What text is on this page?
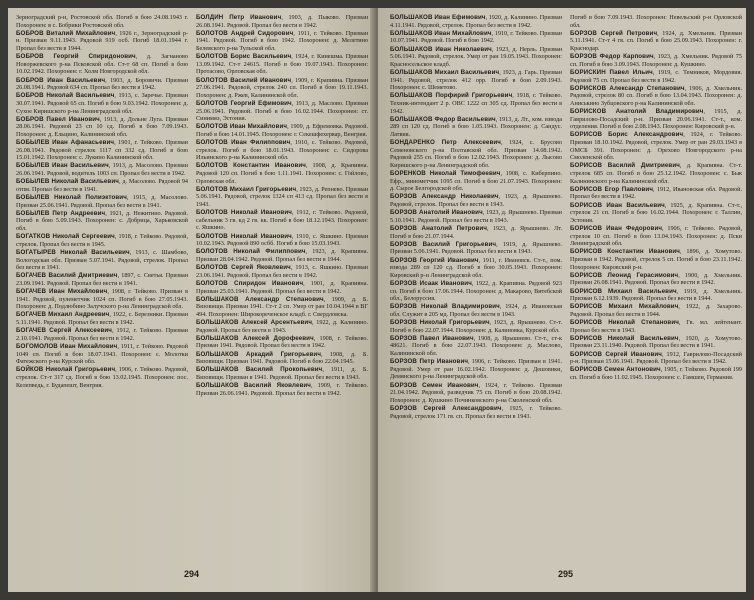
Зерноградский р-н, Ростовской обл. Погиб в бою 24.08.1943 г. Похоронен: в с. Бобрики Ростовской обл.

БОБРОВ Виталий Михайлович, 1926 г., Зерноградский р-н. Призван 9.11.1943. Рядовой 919 осб. Погиб 18.01.1944 г. Пропал без вести в 1944.

БОБРОВ Георгий Спиридонович, д. Загнаново Новоржевского р-на Псковской обл. Ст-т 68 сп. Погиб в бою 10.02.1942. Похоронен: г. Холм Новгородской обл.

БОБРОВ Иван Васильевич, 1903, д. Боровичи. Призван 26.08.1941. Рядовой 634 сп. Пропал без вести в 1942.

БОБРОВ Николай Васильевич, 1913, с. Заречье. Призван 30.07.1941. Рядовой 65 сп. Погиб в бою 9.03.1942. Похоронен: д. Сухое Киришского р-на Ленинградской обл.

БОБРОВ Павел Иванович, 1913, д. Дольне Луга. Призван 28.06.1941. Рядовой 23 сп 10 сд. Погиб в бою 7.09.1943. Похоронен: д. Ельцино, Калининской обл.

БОБЫЛЕВ Иван Афанасьевич, 1901, г. Тейково. Призван 26.08.1941. Рядовой стрелок 1117 сп 332 сд. Погиб в бою 15.01.1942. Похоронен: с. Лукино Калининской обл.

БОБЫЛЕВ Иван Васильевич, 1913, д. Масолово. Призван 26.06.1941. Рядовой, водитель 1003 сп. Пропал без вести в 1942.

БОБЫЛЕВ Николай Васильевич, д. Масолово. Рядовой 94 отпм. Пропал без вести в 1941.

БОБЫЛЕВ Николай Полиэктович, 1915, д. Масолово. Призван 25.06.1941. Рядовой. Пропал без вести в 1941.

БОБЫЛЕВ Петр Андреевич, 1921, д. Нежитино. Рядовой. Погиб в бою 5.09.1943. Похоронен: с. Добрица, Харьковской обл.

БОГАТКОВ Николай Сергеевич, 1918, г. Тейково. Рядовой, стрелок. Пропал без вести в 1945.

БОГАТЫРЕВ Николай Васильевич, 1913, с. Шамбово, Вологодская обл. Призван 5.07.1941. Рядовой, стрелок. Пропал без вести в 1941.

БОГАЧЕВ Василий Дмитриевич, 1897, с. Светья. Призван 23.09.1941. Рядовой. Пропал без вести в 1941.

БОГАЧЕВ Иван Михайлович, 1908, г. Тейково. Призван в 1941. Рядовой, пулеметчик 1024 сп. Погиб в бою 27.05.1943. Похоронен: д. Подлюбино Залучского р-на Ленинградской обл.

БОГАЧЕВ Михаил Андреевич, 1922, с. Березники. Призван 5.11.1941. Рядовой. Пропал без вести в 1942.

БОГАЧЕВ Сергей Алексеевич, 1912, г. Тейково. Призван 2.10.1941. Рядовой. Пропал без вести в 1942.

БОГОМОЛОВ Иван Михайлович, 1911, г. Тейково. Рядовой 1049 сп. Погиб в бою 18.07.1943. Похоронен: с. Молотки Фатежского р-на Курской обл.

БОЙКОВ Николай Григорьевич, 1906, г. Тейково. Рядовой, стрелок. Ст-т 317 сд. Погиб в бою 13.02.1945. Похоронен: пос. Келепведь, г. Будапешт, Венгрия.

БОЛДИН Петр Иванович, 1903, д. Пыково. Призван 26.08.1941. Рядовой. Пропал без вести в 1942.

БОЛОТОВ Андрей Сидорович, 1911, г. Тейково. Призван 1941. Рядовой. Погиб в бою 1942. Похоронен: д. Мелетино Белевского р-на Тульской обл.

БОЛОТОВ Борис Васильевич, 1924, г. Кинешма. Призван 13.09.1942. Ст-т 24615. Погиб в бою 19.07.1943. Похоронен: Протасово, Орловская обл.

БОЛОТОВ Василий Иванович, 1909, г. Крапивна. Призван 27.06.1941. Рядовой, стрелок 240 сп. Погиб в бою 19.11.1943. Похоронен: д. Ржев, Калининской обл.

БОЛОТОВ Георгий Ефимович, 1913, д. Маслово. Призван 25.06.1941. Рядовой. Погиб в бою 16.02.1944. Похоронен: ст. Синимяэ, Эстония.

БОЛОТОВ Иван Михайлович, 1909, д. Ефремовка. Рядовой. Погиб в бою 14.01.1945. Похоронен: г. Секешфехервар, Венгрия.

БОЛОТОВ Иван Филиппович, 1910, с. Тейково. Рядовой, стрелок. Погиб в бою 18.01.1943. Похоронен: с. Сидорова Ильинского р-на Калининской обл.

БОЛОТОВ Константин Иванович, 1908, д. Крапивна. Рядовой 120 сп. Погиб в бою 1.11.1941. Похоронен: с. Гойлово, Орловская обл.

БОЛОТОВ Михаил Григорьевич, 1923, д. Репнево. Призван 5.06.1941. Рядовой, стрелок 1324 сп 413 сд. Пропал без вести в 1943.

БОЛОТОВ Николай Иванович, 1912, г. Тейково. Рядовой, сабельник 3 гв. кд 2 гв. кк. Погиб в бою 18.12.1943. Похоронен: с. Яшкино.

БОЛОТОВ Николай Иванович, 1910, с. Яшкино. Призван 10.02.1943. Рядовой 890 осбб. Погиб в бою 15.03.1943.

БОЛОТОВ Николай Филиппович, 1923, д. Крапивна. Призван 28.04.1942. Рядовой. Пропал без вести в 1944.

БОЛОТОВ Сергей Яковлевич, 1913, с. Яшкино. Призван 23.06.1941. Рядовой. Пропал без вести в 1942.

БОЛОТОВ Спиридон Иванович, 1901, д. Крапивна. Призван 25.03.1941. Рядовой. Пропал без вести в 1942.

БОЛЬШАКОВ Александр Степанович, 1909, д. Б. Вязовищи. Призван 1941. Ст-т 2 сп. Умер от ран 10.04.1944 в ВГ 494. Похоронен: Широкореченское кладб. г. Свердловска.

БОЛЬШАКОВ Алексей Арсентьевич, 1922, д. Калинино. Рядовой. Пропал без вести в 1943.

БОЛЬШАКОВ Алексей Дорофеевич, 1908, г. Тейково. Призван 1941. Рядовой. Пропал без вести в 1942.

БОЛЬШАКОВ Аркадий Григорьевич, 1908, д. Б. Вязовищи. Призван 1941. Рядовой. Погиб в бою 22.04.1945.

БОЛЬШАКОВ Василий Прокопьевич, 1911, д. Б. Вязовищи. Призван в 1941. Рядовой. Пропал без вести в 1943.

БОЛЬШАКОВ Василий Яковлевич, 1909, г. Тейково. Призван 26.06.1941. Рядовой. Пропал без вести в 1942.

294

БОЛЬШАКОВ Иван Ефимович, 1920, д. Калинино. Призван 4.11.1941. Рядовой, стрелок. Пропал без вести в 1942.

БОЛЬШАКОВ Иван Михайлович, 1910, г. Тейково. Призван 10.07.1941. Рядовой. Погиб в бою 1942.

БОЛЬШАКОВ Иван Николаевич, 1923, д. Нерль. Призван 5.06.1941. Рядовой, стрелок. Умер от ран 19.05.1943. Похоронен: Красносельское кладб.

БОЛЬШАКОВ Михаил Васильевич, 1923, д. Гарь. Призван 1941. Рядовой, стрелок 412 орр. Погиб в бою 2.09.1943. Похоронен: с. Шеметово.

БОЛЬШАКОВ Порфирий Григорьевич, 1918, г. Тейково. Техник-интендант 2 р. ОВС 1222 сп 305 сд. Пропал без вести в 1942.

БОЛЬШАКОВ Федор Васильевич, 1913, д. Лт., ком. взвода 289 сп 120 сд. Погиб в бою 1.05.1943. Похоронен: д. Сандус. Латвия.

БОНДАРЕНКО Петр Алексеевич, 1924, с. Брусово Семеновского р-на Полтавской обл. Призван 14.08.1942. Рядовой 255 сп. Погиб в бою 12.02.1943. Похоронен: д. Лысово Киришского р-на Ленинградской обл.

БОРЕНКОВ Николай Тимофеевич, 1908, с. Киберпино. Ефр., минометчик 1095 сп. Погиб в бою 21.07.1943. Похоронен: д. Сырое Белгородской обл.

БОРЗОВ Александр Николаевич, 1923, д. Ярышнево. Рядовой, стрелок. Пропал без вести в 1943.

БОРЗОВ Анатолий Иванович, 1923, д. Ярышнево. Призван 5.10.1941. Рядовой. Пропал без вести в 1943.

БОРЗОВ Анатолий Петрович, 1923, д. Ярышнево. Лт. Погиб в бою 21.07.1944.

БОРЗОВ Василий Григорьевич, 1919, д. Ярышнево. Призван 5.06.1941. Рядовой. Пропал без вести в 1943.

БОРЗОВ Георгий Иванович, 1911, г. Ивановск. Ст-т., пом. взвода 289 сп 120 сд. Погиб в бою 30.05.1943. Похоронен: Кировский р-н Ленинградской обл.

БОРЗОВ Исаак Иванович, 1922, д. Крапивна. Рядовой 923 сп. Погиб в бою 17.06.1944. Похоронен: д. Макарово, Витебской обл., Белоруссия.

БОРЗОВ Николай Владимирович, 1924, д. Ивановская обл. Служит в 205 мд. Пропал без вести в 1943.

БОРЗОВ Николай Григорьевич, 1923, д. Ярышнево. Ст-т. Погиб в бою 22.07.1944. Похоронен: д. Калиновка, Курской обл.

БОРЗОВ Павел Иванович, 1908, д. Ярышнево. Ст-т., ст-к 48621. Погиб в бою 22.07.1943. Похоронен: д. Маслово, Калининской обл.

БОРЗОВ Петр Иванович, 1906, г. Тейково. Призван в 1941. Рядовой. Умер от ран 16.02.1942. Похоронен: д. Дешовики, Демянского р-на Ленинградской обл.

БОРЗОВ Семен Иванович, 1924, г. Тейково. Призван 21.04.1942. Рядовой, разведчик 75 сп. Погиб в бою 20.08.1942. Похоронен: д. Кушкино Починковского р-на Смоленской обл.

БОРЗОВ Сергей Александрович, 1925, г. Тейково. Рядовой, стрелок 171 гв. сп. Пропал без вести в 1943.

Погиб в бою 7.09.1943. Похоронен: Невельский р-н Орловской обл.

БОРЗОВ Сергей Петрович, 1924, д. Хмельник. Призван 5.11.1941. Ст-т 4 гв. сп. Погиб в бою 25.09.1943. Похоронен: г. Краснодар.

БОРЗОВ Федор Карпович, 1923, д. Хмельник. Рядовой 75 сп. Погиб в бою 3.09.1943. Похоронен: д. Кушкино.

БОРИСКИН Павел Ильич, 1919, с. Темников, Мордовия. Рядовой 75 сп. Пропал без вести в 1942.

БОРИСКОВ Александр Степанович, 1906, д. Хмельник. Рядовой, стрелок 80 сп. Погиб в бою 13.04.1943. Похоронен: д. Аниськино Зубцовского р-на Калининской обл.

БОРИСКОВ Анатолий Владимирович, 1915, д. Гаврилово-Посадский р-н. Призван 20.06.1941. Ст-т., ком. отделения. Погиб в бою 2.08.1943. Похоронен: Кировский р-н.

БОРИСОВ Борис Александрович, 1924, г. Тейково. Призван 18.10.1942. Рядовой, стрелок. Умер от ран 29.03.1943 в ОМСБ 391. Похоронен: д. Орехово Новгородского р-на Смоленской обл.

БОРИСОВ Василий Дмитриевич, д. Крапивна. Ст-т. стрелок 685 сп. Погиб в бою 25.12.1942. Похоронен: с. Бык Калининского р-на Калининской обл.

БОРИСОВ Егор Павлович, 1912, Ивановская обл. Рядовой. Пропал без вести в 1942.

БОРИСОВ Иван Васильевич, 1925, д. Крапивна. Ст-т., стрелок 21 сп. Погиб в бою 16.02.1944. Похоронен: г. Таллин, Эстония.

БОРИСОВ Иван Федорович, 1906, г. Тейково. Рядовой, стрелок 10 сп. Погиб в бою 13.04.1943. Похоронен: д. Пски Ленинградской обл.

БОРИСОВ Константин Иванович, 1896, д. Хомутово. Призван в 1942. Рядовой, стрелок 5 сп. Погиб в бою 23.11.1942. Похоронен: Кировский р-н.

БОРИСОВ Леонид Герасимович, 1900, д. Хмельник. Призван 26.08.1941. Рядовой. Пропал без вести в 1942.

БОРИСОВ Михаил Васильевич, 1919, д. Хмельник. Призван 6.12.1939. Рядовой. Пропал без вести в 1944.

БОРИСОВ Михаил Михайлович, 1922, д. Захарово. Рядовой. Пропал без вести в 1944.

БОРИСОВ Николай Степанович, Гв. мл. лейтенант. Пропал без вести в 1943.

БОРИСОВ Николай Васильевич, 1920, д. Хомутово. Призван 23.11.1940. Рядовой. Пропал без вести в 1941.

БОРИСОВ Сергей Иванович, 1912, Гаврилово-Посадский р-н. Призван 15.06.1941. Рядовой. Пропал без вести в 1942.

БОРИСОВ Семен Антонович, 1905, г. Тейково. Рядовой 199 сп. Погиб в бою 11.02.1945. Похоронен: с. Гамшен, Германия.

295
